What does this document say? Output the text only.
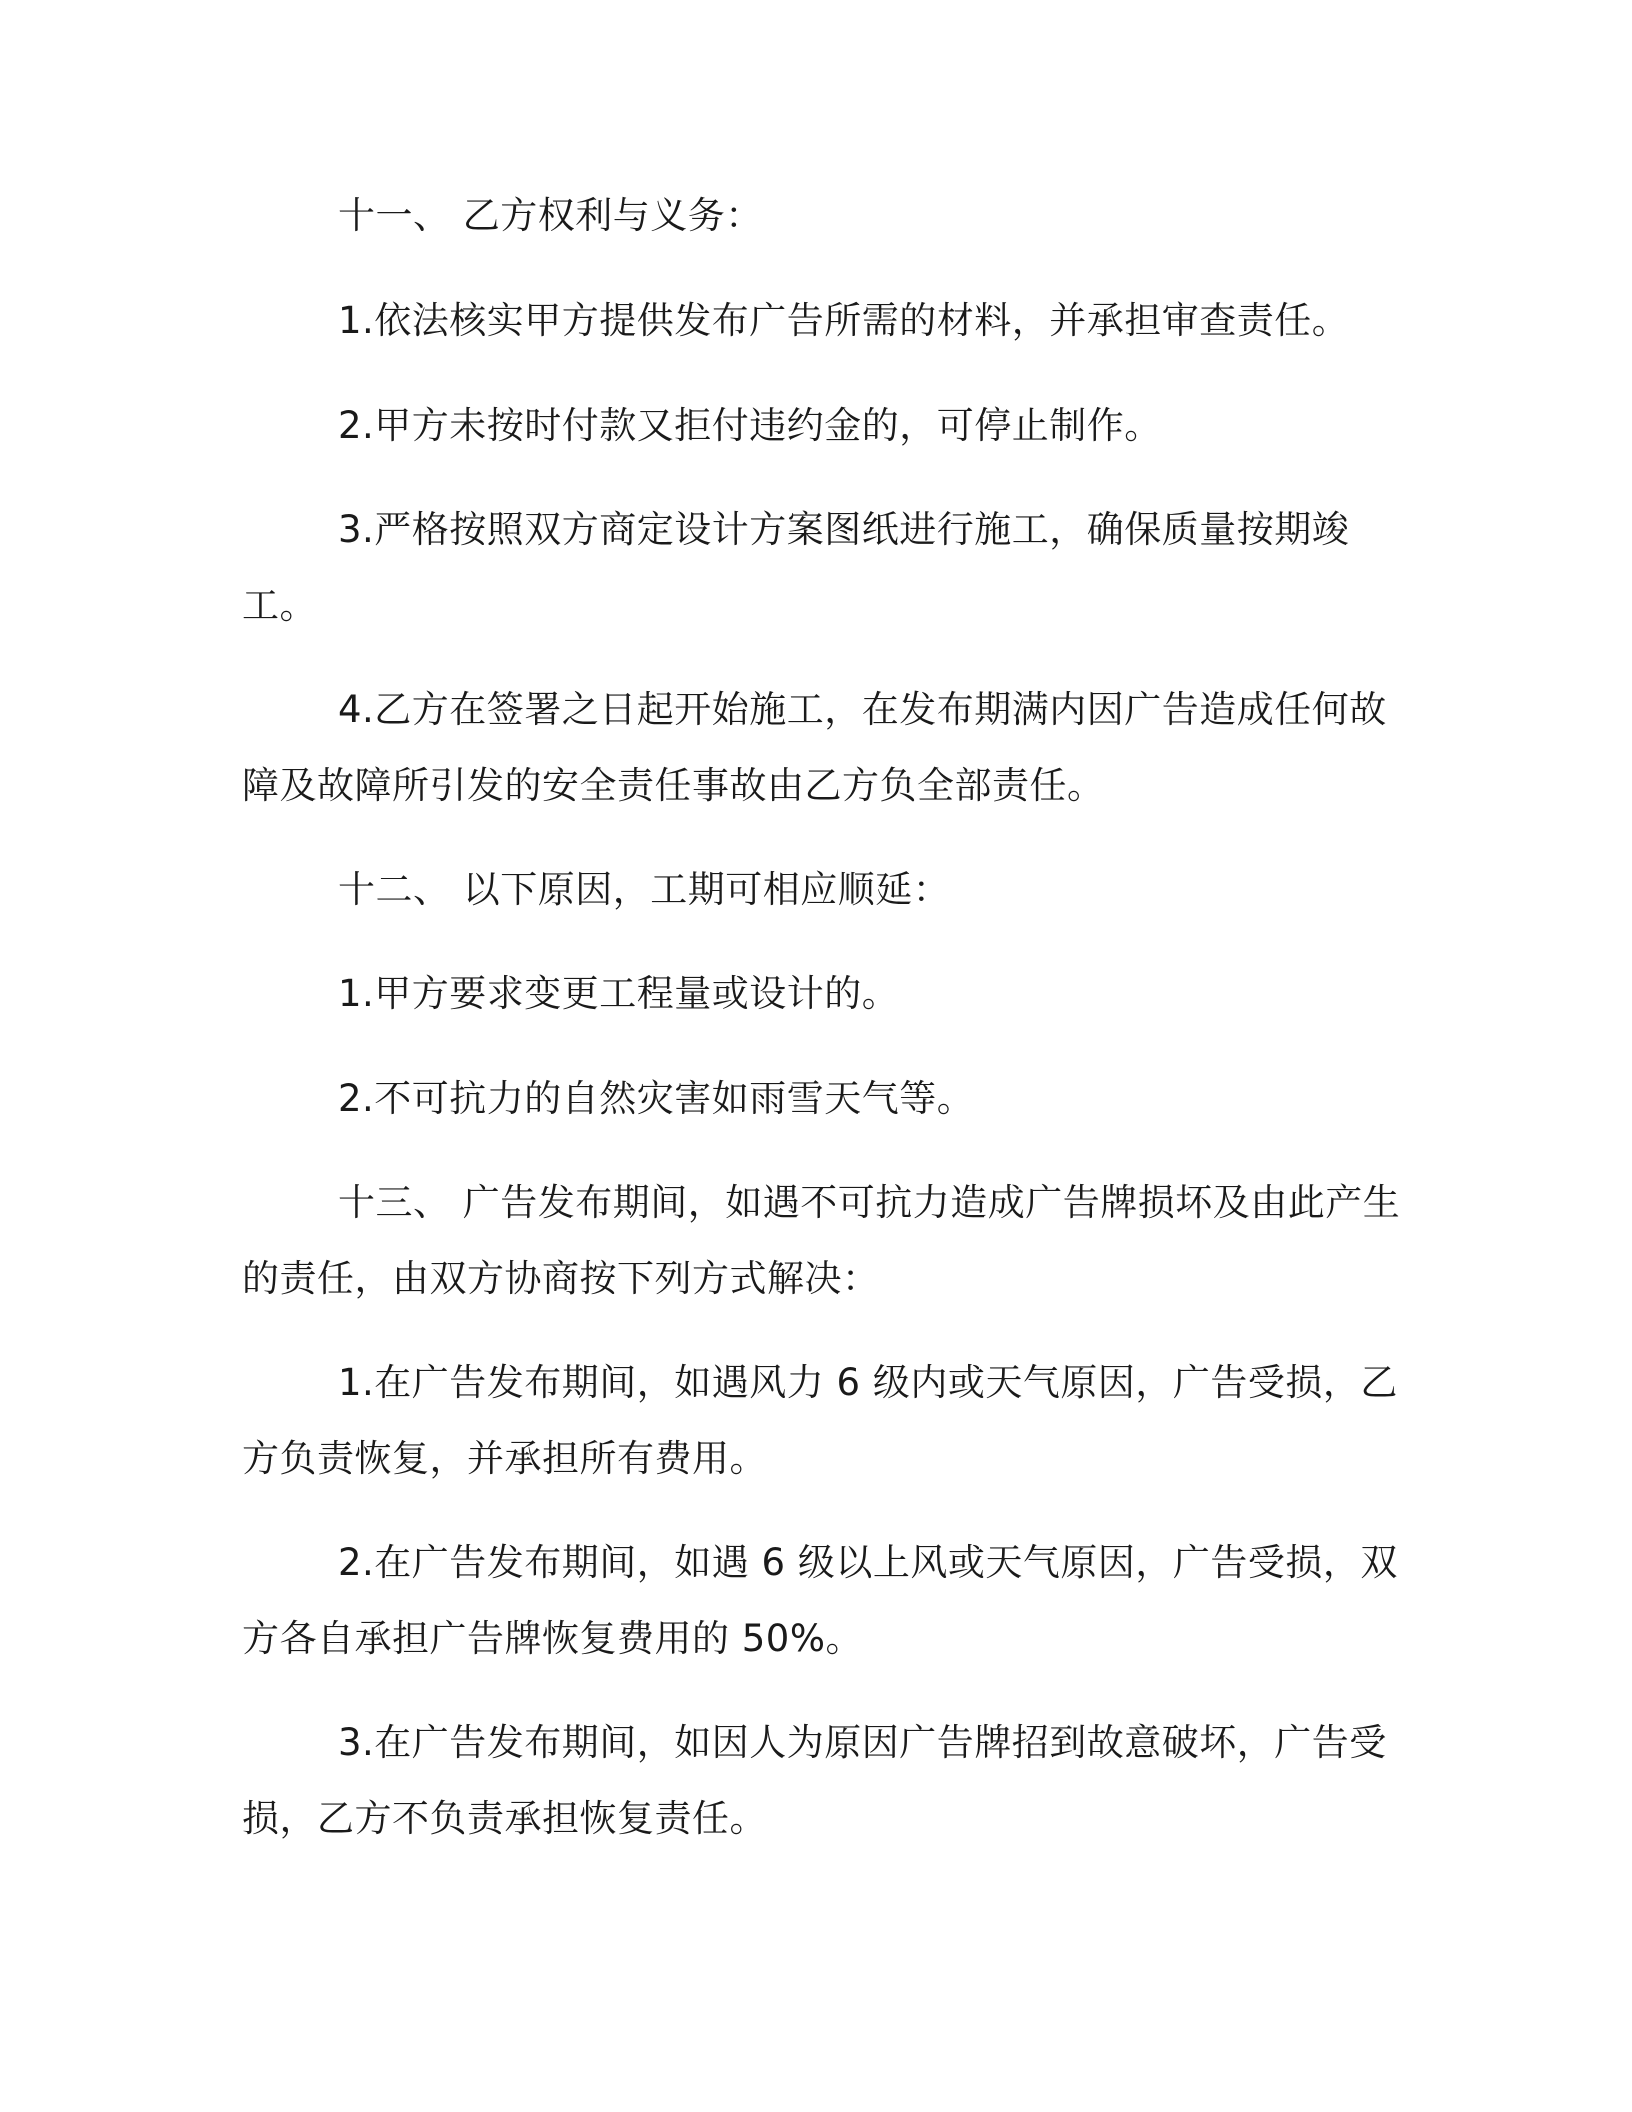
十一、 乙方权利与义务：

1.依法核实甲方提供发布广告所需的材料，并承担审查责任。

2.甲方未按时付款又拒付违约金的，可停止制作。

3.严格按照双方商定设计方案图纸进行施工，确保质量按期竣
工。

4.乙方在签署之日起开始施工，在发布期满内因广告造成任何故
障及故障所引发的安全责任事故由乙方负全部责任。

十二、 以下原因，工期可相应顺延：

1.甲方要求变更工程量或设计的。

2.不可抗力的自然灾害如雨雪天气等。

十三、 广告发布期间，如遇不可抗力造成广告牌损坏及由此产生
的责任，由双方协商按下列方式解决：

1.在广告发布期间，如遇风力 6 级内或天气原因，广告受损，乙
方负责恢复，并承担所有费用。

2.在广告发布期间，如遇 6 级以上风或天气原因，广告受损，双
方各自承担广告牌恢复费用的 50%。

3.在广告发布期间，如因人为原因广告牌招到故意破坏，广告受
损，乙方不负责承担恢复责任。
